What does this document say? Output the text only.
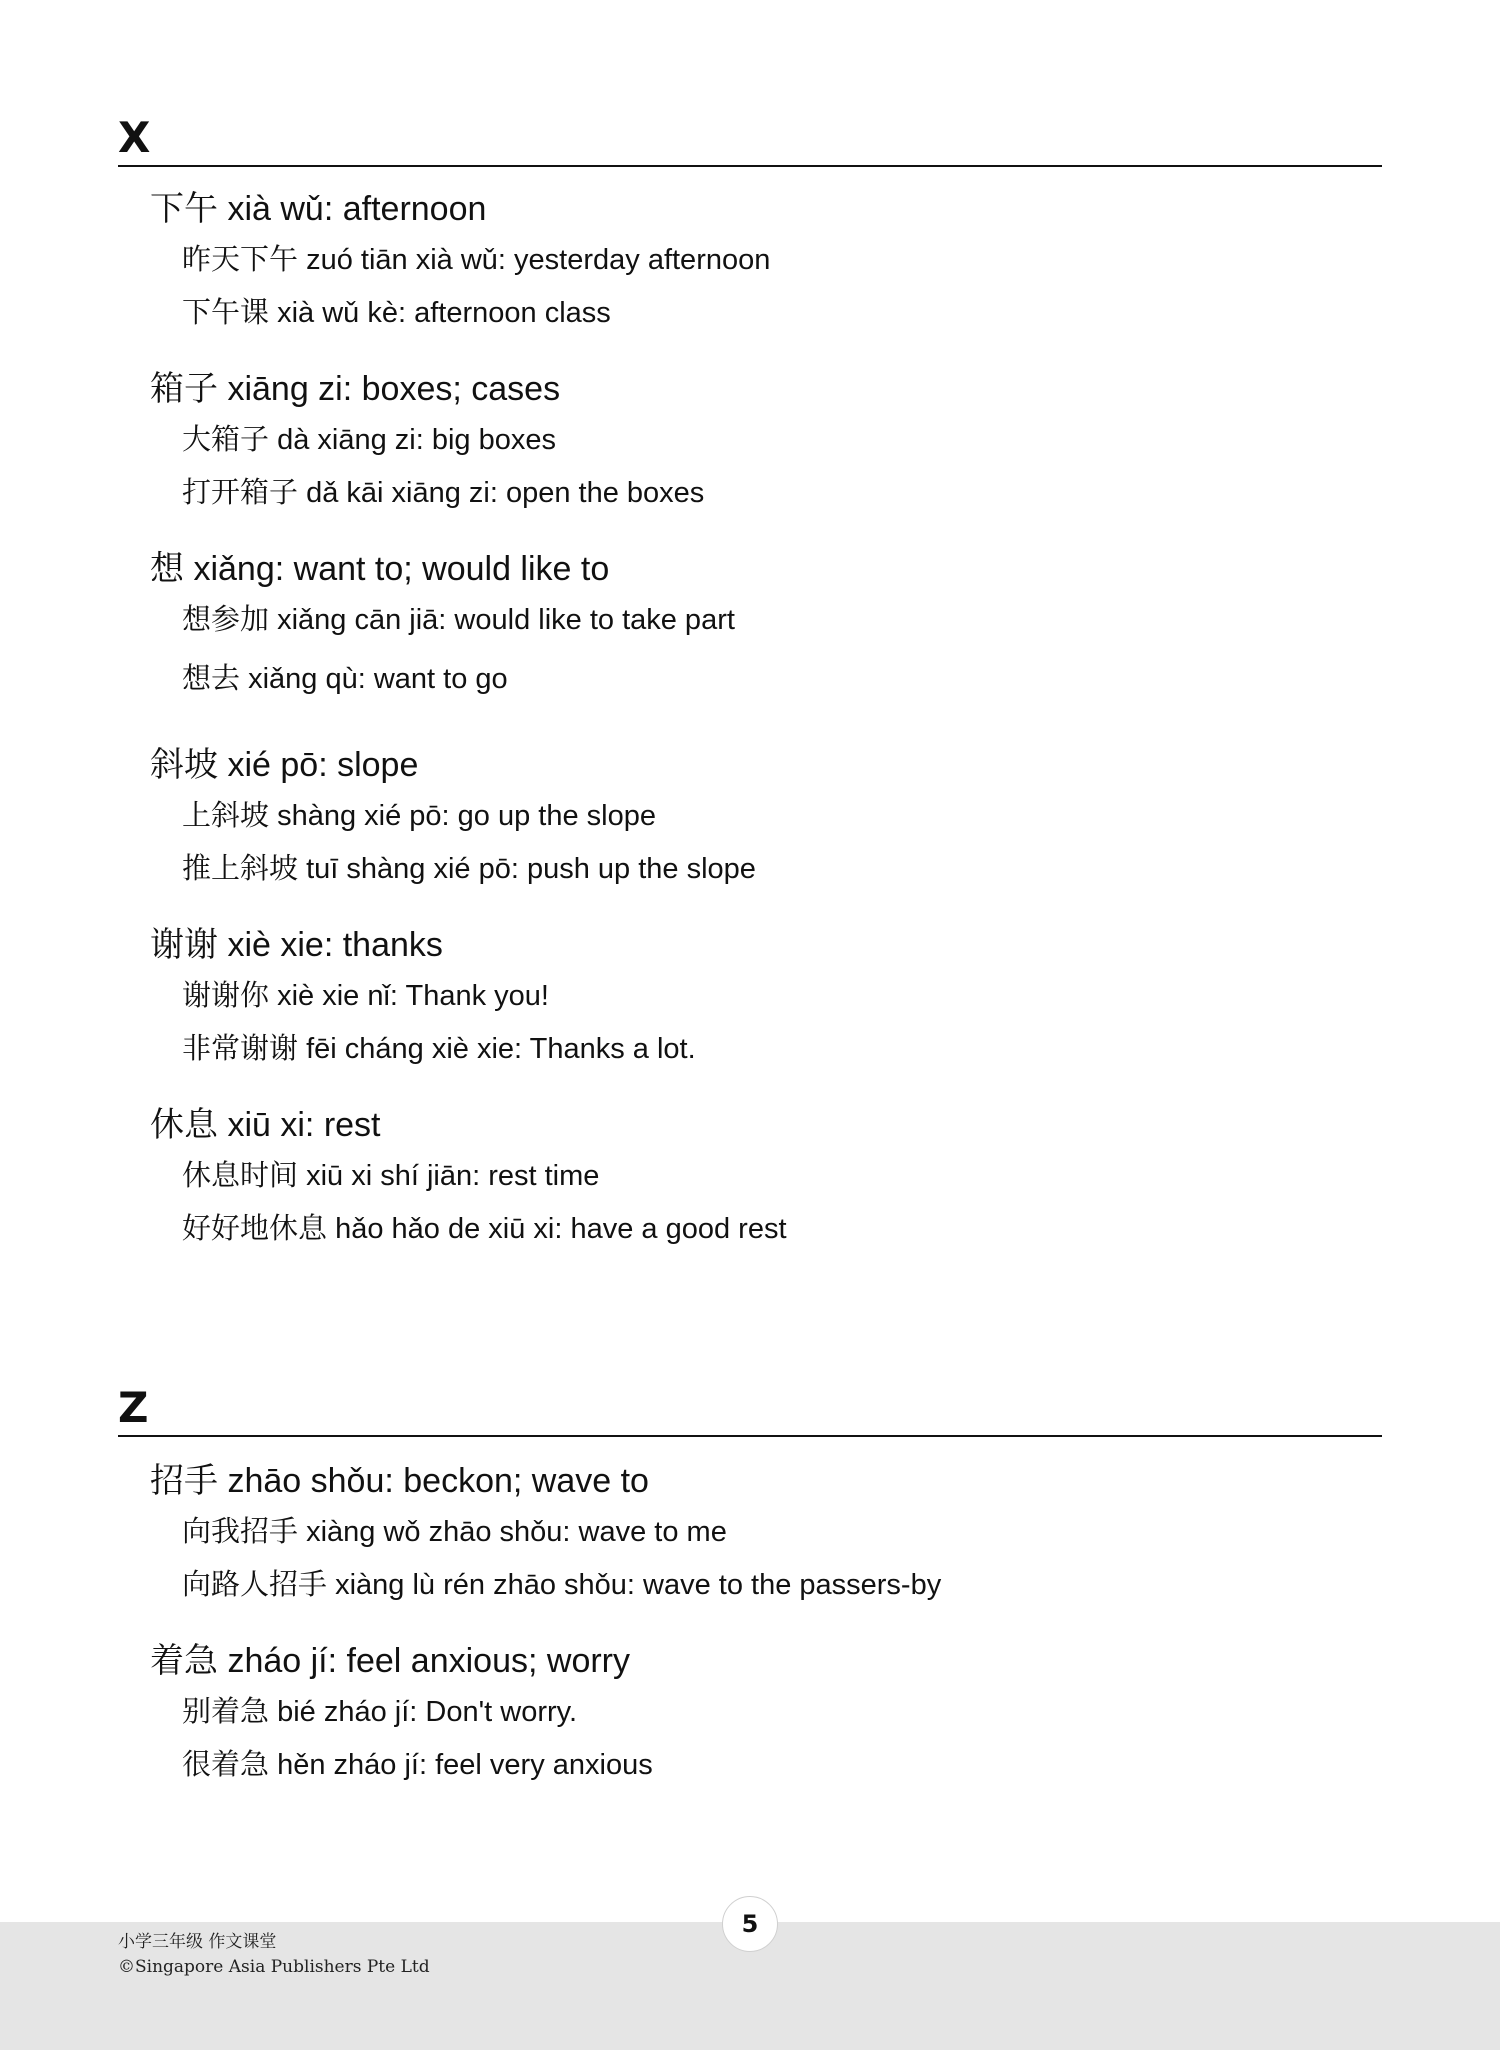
X
下午 xià wǔ: afternoon
昨天下午 zuó tiān xià wǔ: yesterday afternoon
下午课 xià wǔ kè: afternoon class
箱子 xiāng zi: boxes; cases
大箱子 dà xiāng zi: big boxes
打开箱子 dǎ kāi xiāng zi: open the boxes
想 xiǎng: want to; would like to
想参加 xiǎng cān jiā: would like to take part
想去 xiǎng qù: want to go
斜坡 xié pō: slope
上斜坡 shàng xié pō: go up the slope
推上斜坡 tuī shàng xié pō: push up the slope
谢谢 xiè xie: thanks
谢谢你 xiè xie nǐ: Thank you!
非常谢谢 fēi cháng xiè xie: Thanks a lot.
休息 xiū xi: rest
休息时间 xiū xi shí jiān: rest time
好好地休息 hǎo hǎo de xiū xi: have a good rest
Z
招手 zhāo shǒu: beckon; wave to
向我招手 xiàng wǒ zhāo shǒu: wave to me
向路人招手 xiàng lù rén zhāo shǒu: wave to the passers-by
着急 zháo jí: feel anxious; worry
别着急 bié zháo jí: Don't worry.
很着急 hěn zháo jí: feel very anxious
5
小学三年级 作文课堂
©Singapore Asia Publishers Pte Ltd
